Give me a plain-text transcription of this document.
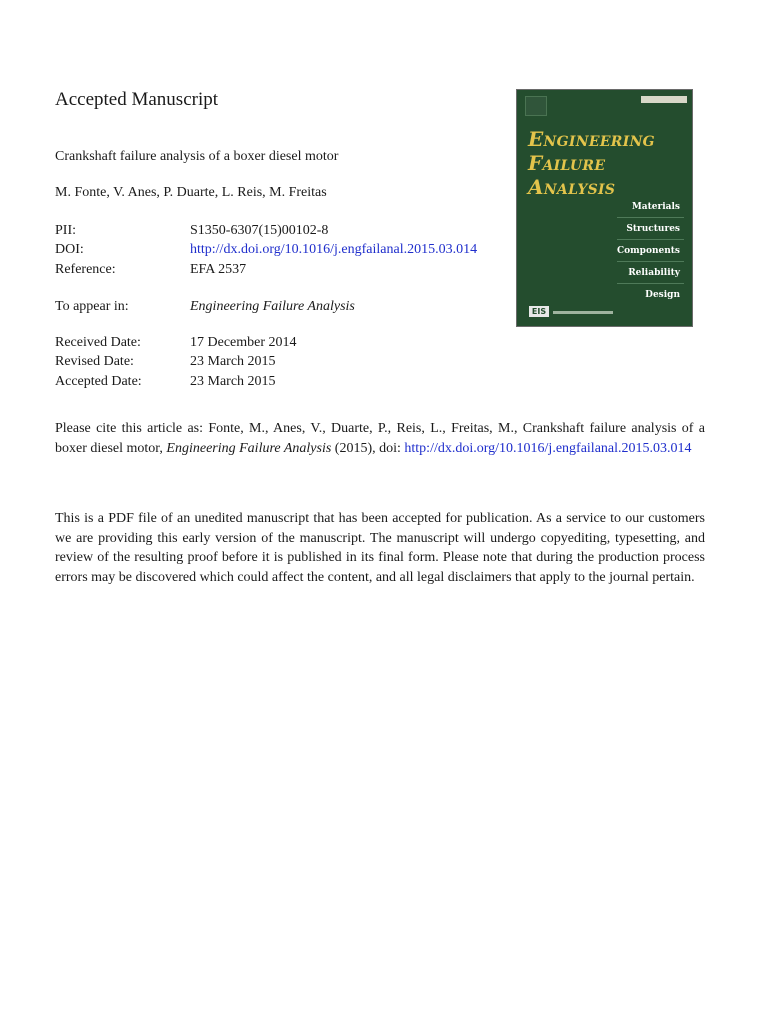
Accepted Manuscript
Crankshaft failure analysis of a boxer diesel motor
M. Fonte, V. Anes, P. Duarte, L. Reis, M. Freitas
PII:	S1350-6307(15)00102-8
DOI:	http://dx.doi.org/10.1016/j.engfailanal.2015.03.014
Reference:	EFA 2537
To appear in:	Engineering Failure Analysis
Received Date:	17 December 2014
Revised Date:	23 March 2015
Accepted Date:	23 March 2015
Please cite this article as: Fonte, M., Anes, V., Duarte, P., Reis, L., Freitas, M., Crankshaft failure analysis of a boxer diesel motor, Engineering Failure Analysis (2015), doi: http://dx.doi.org/10.1016/j.engfailanal.2015.03.014
This is a PDF file of an unedited manuscript that has been accepted for publication. As a service to our customers we are providing this early version of the manuscript. The manuscript will undergo copyediting, typesetting, and review of the resulting proof before it is published in its final form. Please note that during the production process errors may be discovered which could affect the content, and all legal disclaimers that apply to the journal pertain.
ENGINEERING
FAILURE
ANALYSIS
Materials
Structures
Components
Reliability
Design
EIS
